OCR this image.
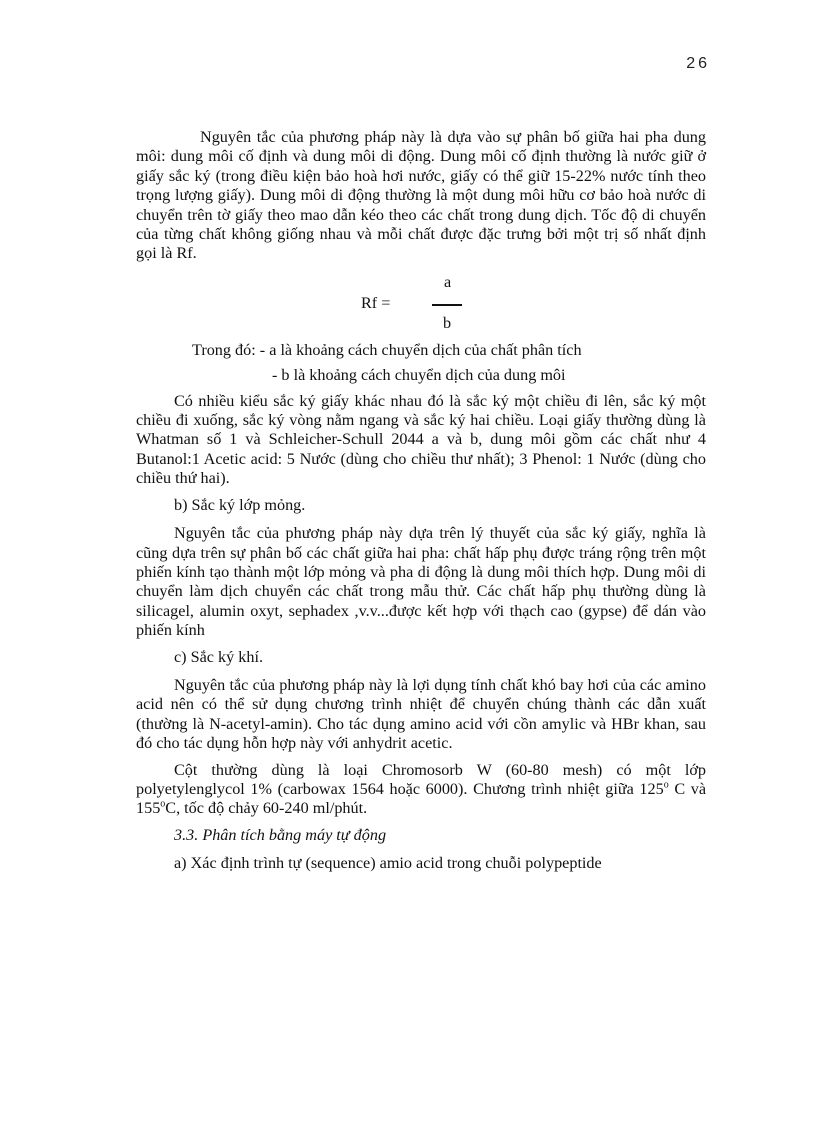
26

Nguyên tắc của phương pháp này là dựa vào sự phân bố giữa hai pha dung môi: dung môi cố định và dung môi di động. Dung môi cố định thường là nước giữ ở giấy sắc ký (trong điều kiện bảo hoà hơi nước, giấy có thể giữ 15-22% nước tính theo trọng lượng giấy). Dung môi di động thường là một dung môi hữu cơ bảo hoà nước di chuyển trên tờ giấy theo mao dẫn kéo theo các chất trong dung dịch. Tốc độ di chuyển của từng chất không giống nhau và mỗi chất được đặc trưng bởi một trị số nhất định gọi là Rf.

Rf =
a
b

Trong đó: - a là khoảng cách chuyển dịch của chất phân tích

- b là khoảng cách chuyển dịch của dung môi

Có nhiều kiểu sắc ký giấy khác nhau đó là sắc ký một chiều đi lên, sắc ký một chiều đi xuống, sắc ký vòng nằm ngang và sắc ký hai chiều. Loại giấy thường dùng là Whatman số 1 và Schleicher-Schull 2044 a và b, dung môi gồm các chất như 4 Butanol:1 Acetic acid: 5 Nước (dùng cho chiều thư nhất); 3 Phenol: 1 Nước (dùng cho chiều thứ hai).

b) Sắc ký lớp mỏng.

Nguyên tắc của phương pháp này dựa trên lý thuyết của sắc ký giấy, nghĩa là cũng dựa trên sự phân bố các chất giữa hai pha: chất hấp phụ được tráng rộng trên một phiến kính tạo thành một lớp mỏng và pha di động là dung môi thích hợp. Dung môi di chuyển làm dịch chuyển các chất trong mẫu thử. Các chất hấp phụ thường dùng là silicagel, alumin oxyt, sephadex ,v.v...được kết hợp với thạch cao (gypse) để dán vào phiến kính

c) Sắc ký khí.

Nguyên tắc của phương pháp này là lợi dụng tính chất khó bay hơi của các amino acid nên có thể sử dụng chương trình nhiệt để chuyển chúng thành các dẫn xuất (thường là N-acetyl-amin). Cho tác dụng amino acid với cồn amylic và HBr khan, sau đó cho tác dụng hỗn hợp này với anhydrit acetic.

Cột thường dùng là loại Chromosorb W (60-80 mesh) có một lớp polyetylenglycol 1% (carbowax 1564 hoặc 6000). Chương trình nhiệt giữa 125$^o$ C và 155$^o$C, tốc độ chảy 60-240 ml/phút.

3.3. Phân tích bằng máy tự động

a) Xác định trình tự (sequence) amio acid trong chuỗi polypeptide
